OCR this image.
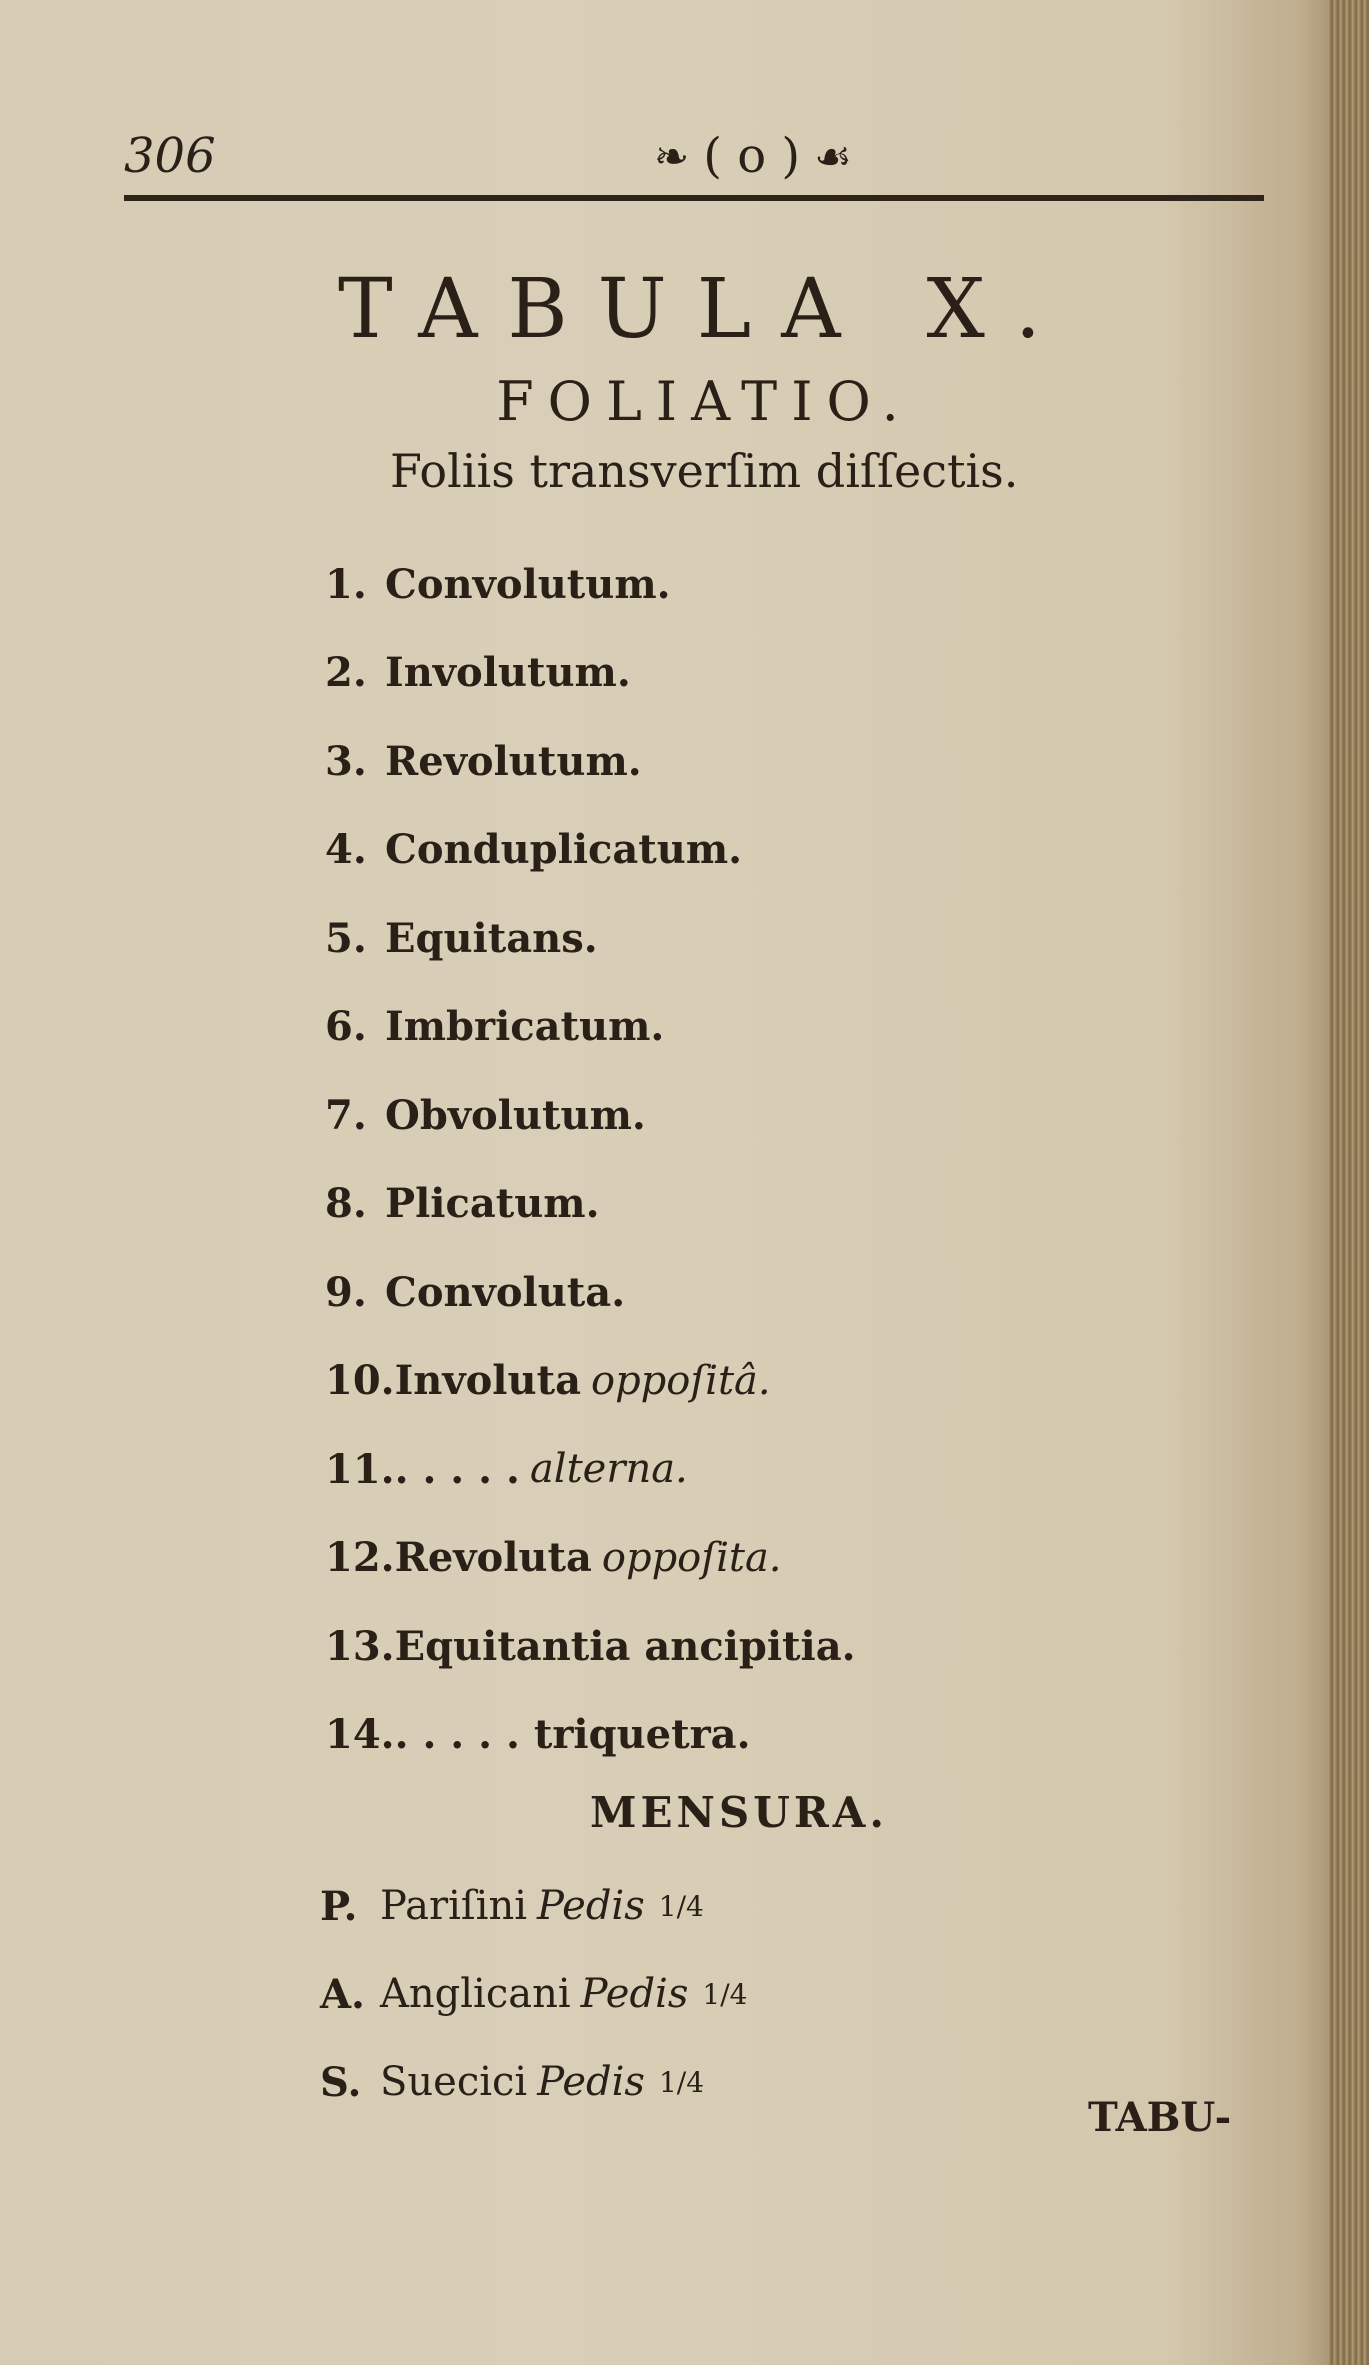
306	❧ ( o ) ☙
TABULA X.
FOLIATIO.
Foliis transverſim diſſectis.
1. Convolutum.
2. Involutum.
3. Revolutum.
4. Conduplicatum.
5. Equitans.
6. Imbricatum.
7. Obvolutum.
8. Plicatum.
9. Convoluta.
10. Involuta oppoſitâ.
11. . . . . . alterna.
12. Revoluta oppoſita.
13. Equitantia ancipitia.
14. . . . . . triquetra.
MENSURA.
P. Pariſini Pedis 1/4
A. Anglicani Pedis 1/4
S. Suecici Pedis 1/4
TABU-
